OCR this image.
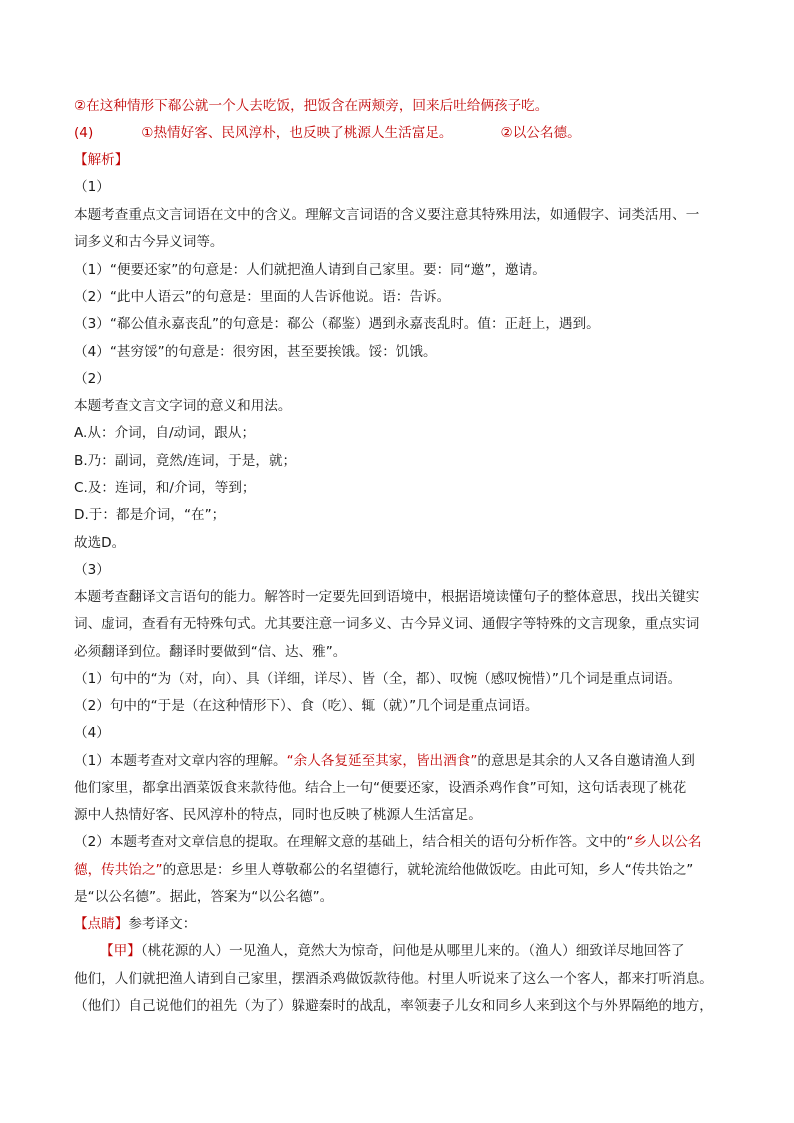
②在这种情形下郗公就一个人去吃饭，把饭含在两颊旁，回来后吐给俩孩子吃。
(4)	①热情好客、民风淳朴，也反映了桃源人生活富足。	②以公名德。
【解析】
（1）
本题考查重点文言词语在文中的含义。理解文言词语的含义要注意其特殊用法，如通假字、词类活用、一
词多义和古今异义词等。
（1）“便要还家”的句意是：人们就把渔人请到自己家里。要：同“邀”，邀请。
（2）“此中人语云”的句意是：里面的人告诉他说。语：告诉。
（3）“郗公值永嘉丧乱”的句意是：郗公（郗鉴）遇到永嘉丧乱时。值：正赶上，遇到。
（4）“甚穷馁”的句意是：很穷困，甚至要挨饿。馁：饥饿。
（2）
本题考查文言文字词的意义和用法。
A.从：介词，自/动词，跟从；
B.乃：副词，竟然/连词，于是，就；
C.及：连词，和/介词，等到；
D.于：都是介词，“在”；
故选D。
（3）
本题考查翻译文言语句的能力。解答时一定要先回到语境中，根据语境读懂句子的整体意思，找出关键实
词、虚词，查看有无特殊句式。尤其要注意一词多义、古今异义词、通假字等特殊的文言现象，重点实词
必须翻译到位。翻译时要做到“信、达、雅”。
（1）句中的“为（对，向）、具（详细，详尽）、皆（全，都）、叹惋（感叹惋惜）”几个词是重点词语。
（2）句中的“于是（在这种情形下）、食（吃）、辄（就）”几个词是重点词语。
（4）
（1）本题考查对文章内容的理解。“余人各复延至其家，皆出酒食”的意思是其余的人又各自邀请渔人到
他们家里，都拿出酒菜饭食来款待他。结合上一句“便要还家，设酒杀鸡作食”可知，这句话表现了桃花
源中人热情好客、民风淳朴的特点，同时也反映了桃源人生活富足。
（2）本题考查对文章信息的提取。在理解文意的基础上，结合相关的语句分析作答。文中的“乡人以公名
德，传共饴之”的意思是：乡里人尊敬郗公的名望德行，就轮流给他做饭吃。由此可知，乡人“传共饴之”
是“以公名德”。据此，答案为“以公名德”。
【点睛】参考译文：
【甲】（桃花源的人）一见渔人，竟然大为惊奇，问他是从哪里儿来的。（渔人）细致详尽地回答了
他们，人们就把渔人请到自己家里，摆酒杀鸡做饭款待他。村里人听说来了这么一个客人，都来打听消息。
（他们）自己说他们的祖先（为了）躲避秦时的战乱，率领妻子儿女和同乡人来到这个与外界隔绝的地方，
